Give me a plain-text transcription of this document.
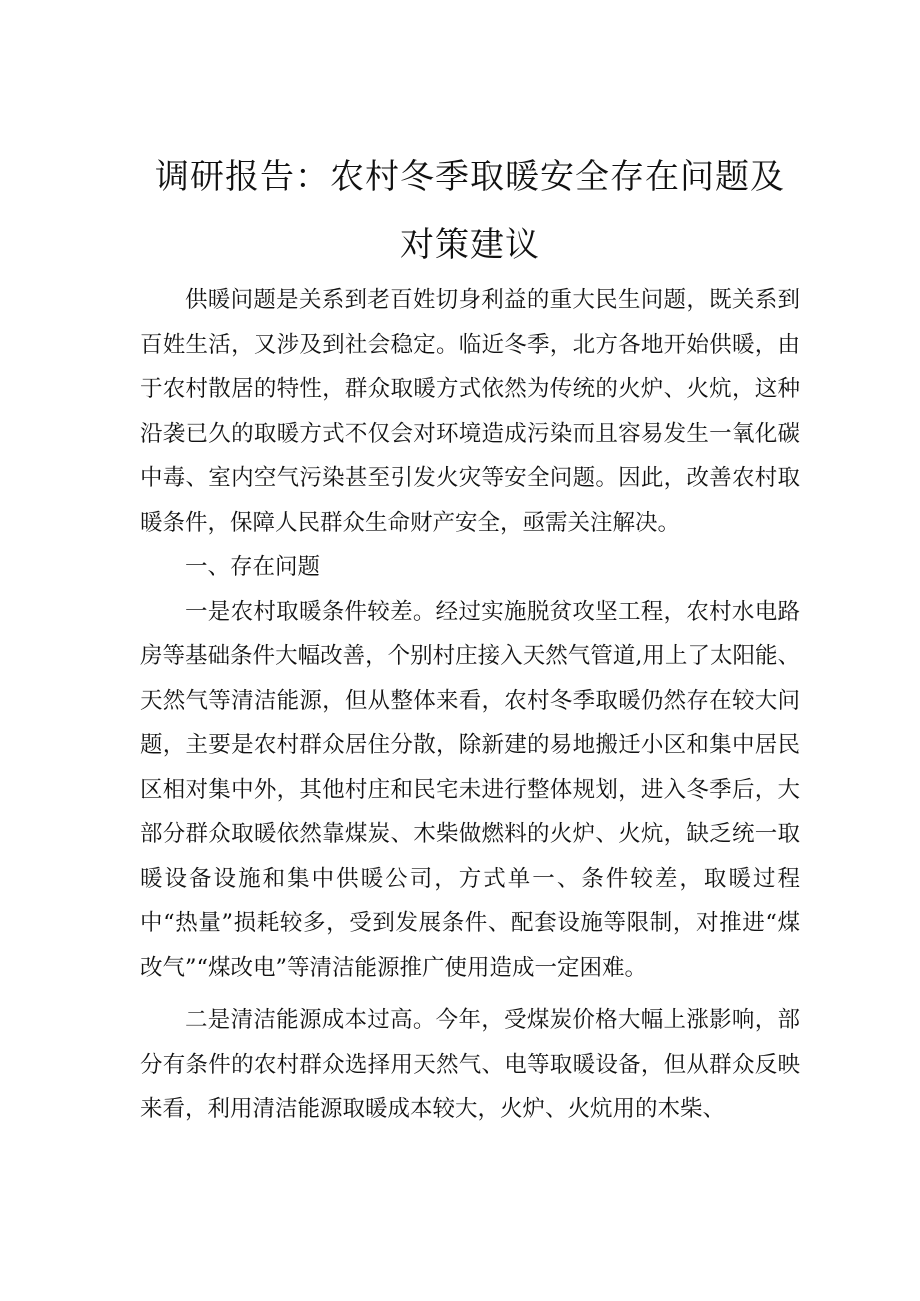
调研报告：农村冬季取暖安全存在问题及
对策建议

供暖问题是关系到老百姓切身利益的重大民生问题，既关系到百姓生活，又涉及到社会稳定。临近冬季，北方各地开始供暖，由于农村散居的特性，群众取暖方式依然为传统的火炉、火炕，这种沿袭已久的取暖方式不仅会对环境造成污染而且容易发生一氧化碳中毒、室内空气污染甚至引发火灾等安全问题。因此，改善农村取暖条件，保障人民群众生命财产安全，亟需关注解决。

一、存在问题

一是农村取暖条件较差。经过实施脱贫攻坚工程，农村水电路房等基础条件大幅改善，个别村庄接入天然气管道,用上了太阳能、天然气等清洁能源，但从整体来看，农村冬季取暖仍然存在较大问题，主要是农村群众居住分散，除新建的易地搬迁小区和集中居民区相对集中外，其他村庄和民宅未进行整体规划，进入冬季后，大部分群众取暖依然靠煤炭、木柴做燃料的火炉、火炕，缺乏统一取暖设备设施和集中供暖公司，方式单一、条件较差，取暖过程中“热量”损耗较多，受到发展条件、配套设施等限制，对推进“煤改气”“煤改电”等清洁能源推广使用造成一定困难。

二是清洁能源成本过高。今年，受煤炭价格大幅上涨影响，部分有条件的农村群众选择用天然气、电等取暖设备，但从群众反映来看，利用清洁能源取暖成本较大，火炉、火炕用的木柴、
